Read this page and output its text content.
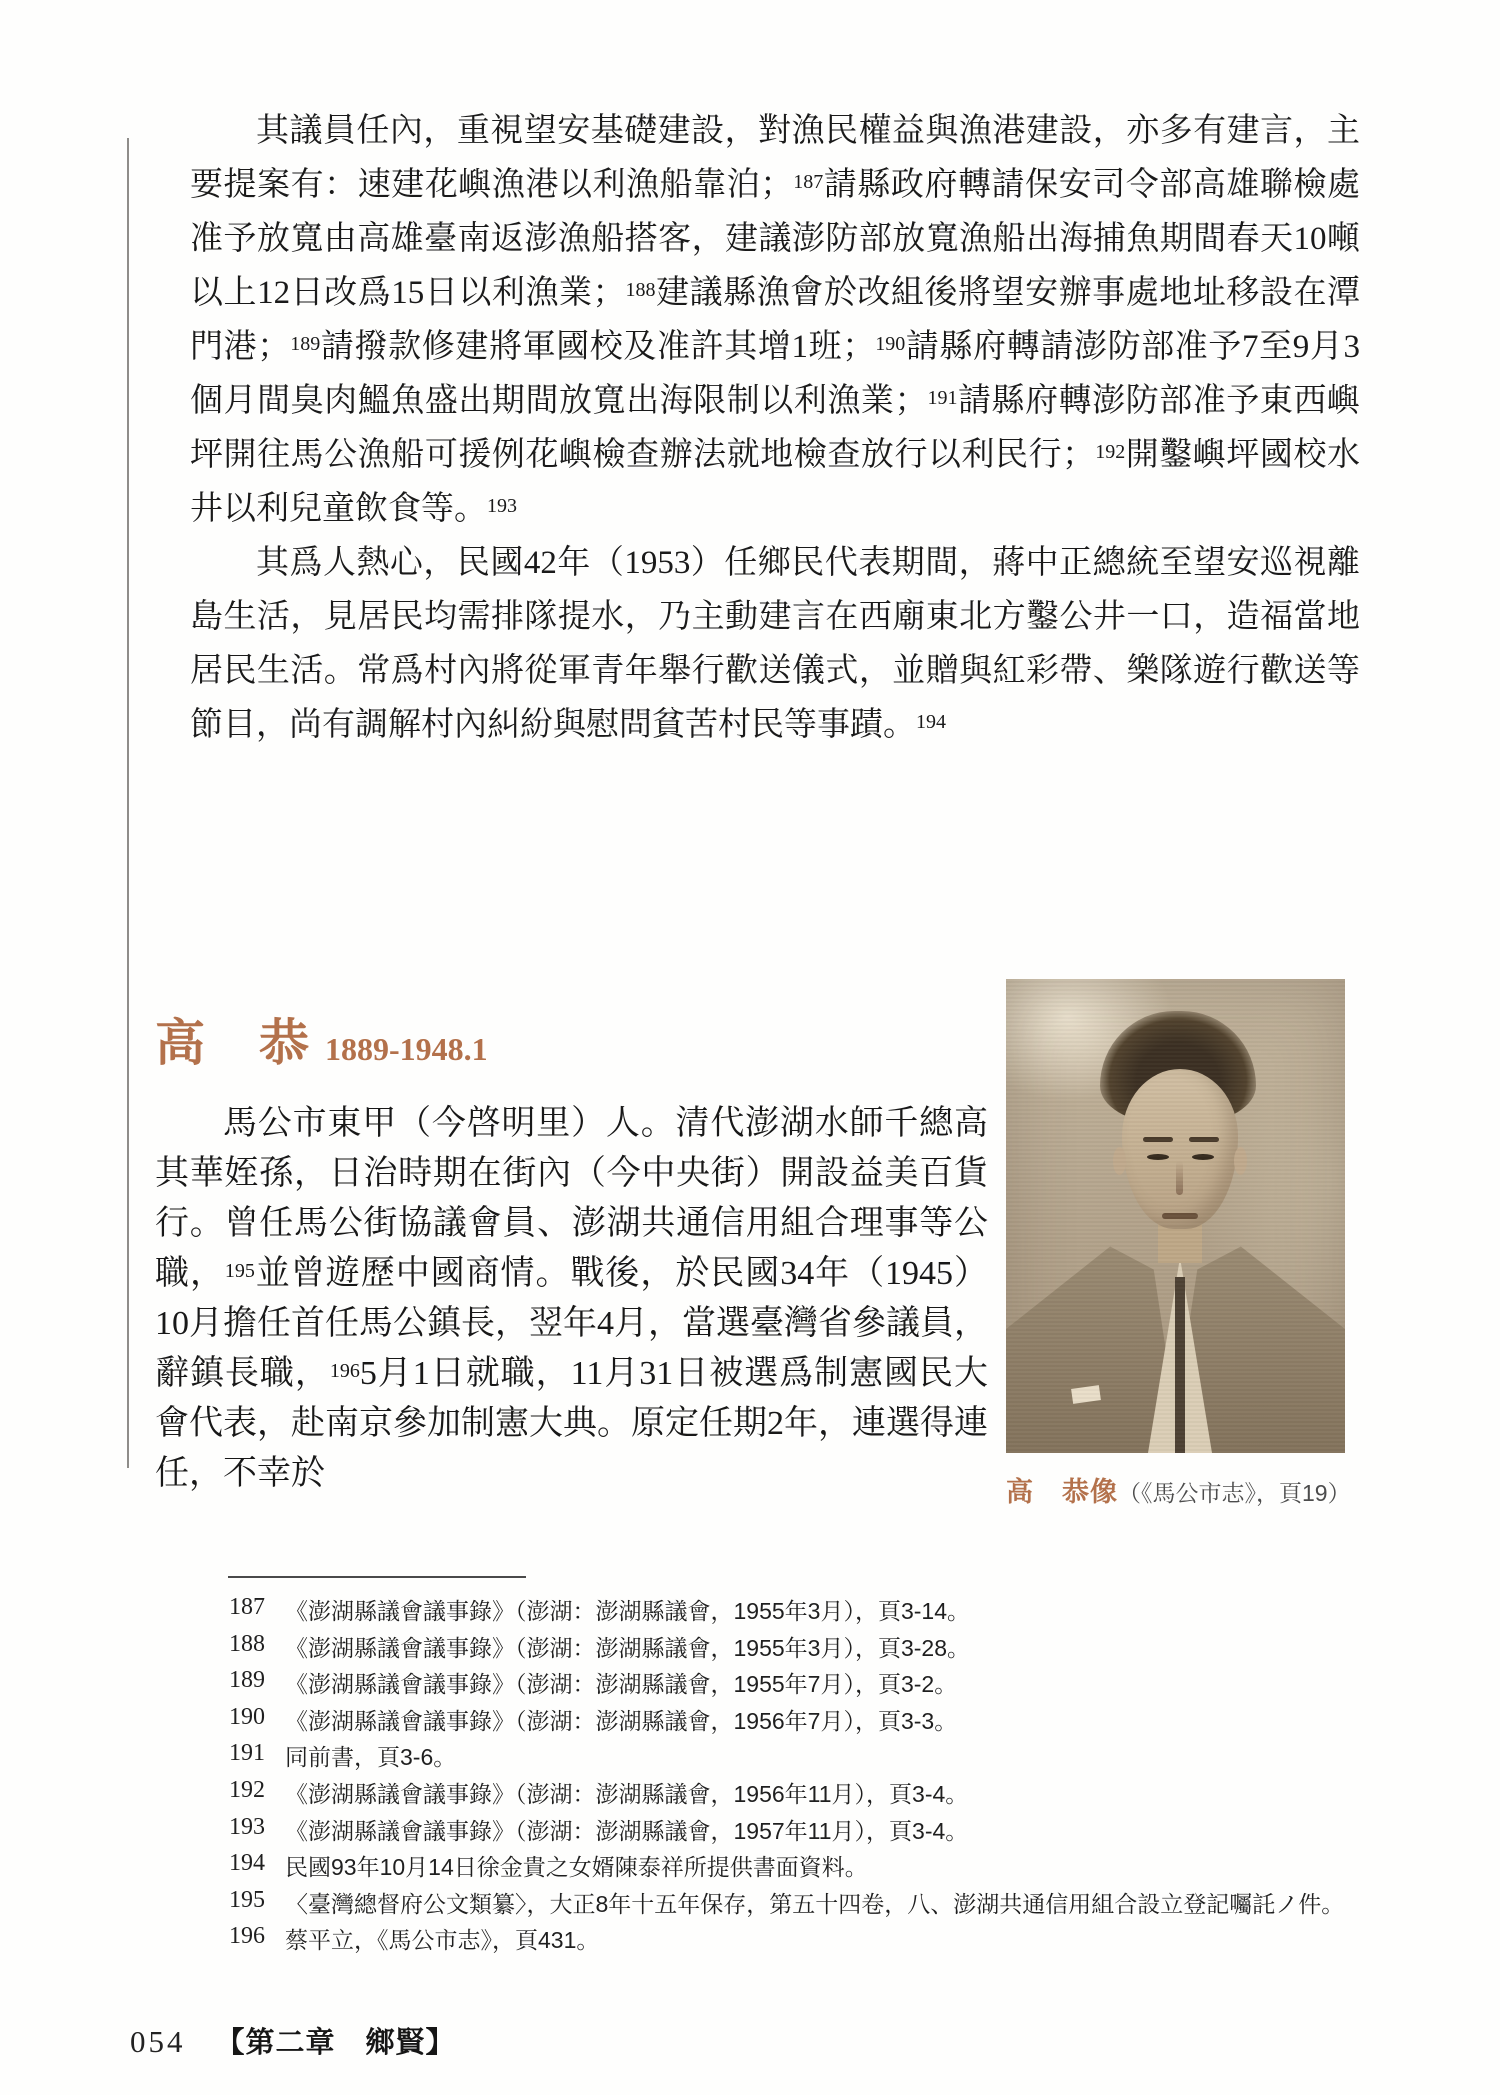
其議員任內，重視望安基礎建設，對漁民權益與漁港建設，亦多有建言，主要提案有：速建花嶼漁港以利漁船靠泊；$^{187}$請縣政府轉請保安司令部高雄聯檢處准予放寬由高雄臺南返澎漁船搭客，建議澎防部放寬漁船出海捕魚期間春天10噸以上12日改爲15日以利漁業；$^{188}$建議縣漁會於改組後將望安辦事處地址移設在潭門港；$^{189}$請撥款修建將軍國校及准許其增1班；$^{190}$請縣府轉請澎防部准予7至9月3個月間臭肉鰮魚盛出期間放寬出海限制以利漁業；$^{191}$請縣府轉澎防部准予東西嶼坪開往馬公漁船可援例花嶼檢查辦法就地檢查放行以利民行；$^{192}$開鑿嶼坪國校水井以利兒童飲食等。$^{193}$

其爲人熱心，民國42年（1953）任鄉民代表期間，蔣中正總統至望安巡視離島生活，見居民均需排隊提水，乃主動建言在西廟東北方鑿公井一口，造福當地居民生活。常爲村內將從軍青年舉行歡送儀式，並贈與紅彩帶、樂隊遊行歡送等節目，尚有調解村內糾紛與慰問貧苦村民等事蹟。$^{194}$

高　恭 1889-1948.1

馬公市東甲（今啓明里）人。清代澎湖水師千總高其華姪孫，日治時期在街內（今中央街）開設益美百貨行。曾任馬公街協議會員、澎湖共通信用組合理事等公職，$^{195}$並曾遊歷中國商情。戰後，於民國34年（1945）10月擔任首任馬公鎮長，翌年4月，當選臺灣省參議員，辭鎮長職，$^{196}$5月1日就職，11月31日被選爲制憲國民大會代表，赴南京參加制憲大典。原定任期2年，連選得連任，不幸於	高　恭像（《馬公市志》，頁19）
187 《澎湖縣議會議事錄》（澎湖：澎湖縣議會，1955年3月），頁3-14。
188 《澎湖縣議會議事錄》（澎湖：澎湖縣議會，1955年3月），頁3-28。
189 《澎湖縣議會議事錄》（澎湖：澎湖縣議會，1955年7月），頁3-2。
190 《澎湖縣議會議事錄》（澎湖：澎湖縣議會，1956年7月），頁3-3。
191 同前書，頁3-6。
192 《澎湖縣議會議事錄》（澎湖：澎湖縣議會，1956年11月），頁3-4。
193 《澎湖縣議會議事錄》（澎湖：澎湖縣議會，1957年11月），頁3-4。
194 民國93年10月14日徐金貴之女婿陳泰祥所提供書面資料。
195 〈臺灣總督府公文類纂〉，大正8年十五年保存，第五十四卷，八、澎湖共通信用組合設立登記囑託ノ件。
196 蔡平立，《馬公市志》，頁431。
054 【第二章　鄉賢】
